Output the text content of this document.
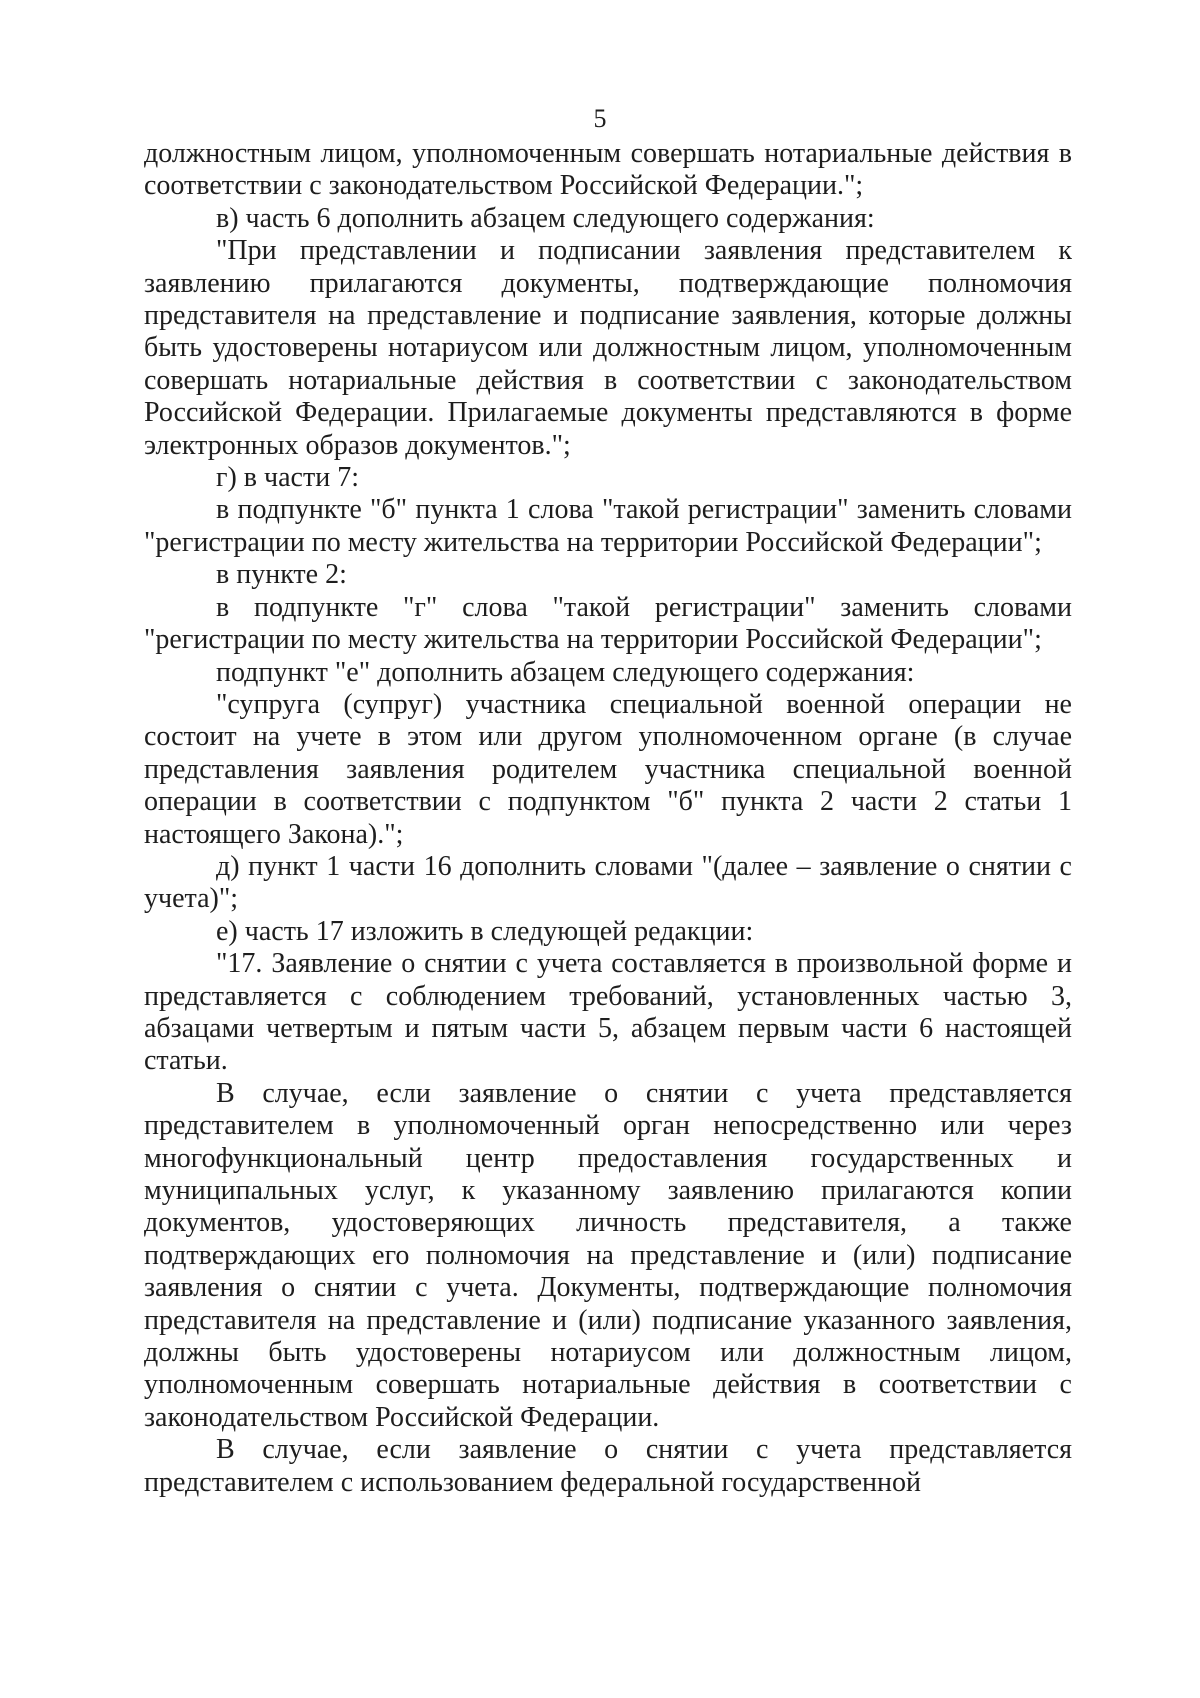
5

должностным лицом, уполномоченным совершать нотариальные действия в соответствии с законодательством Российской Федерации.";

в) часть 6 дополнить абзацем следующего содержания:

"При представлении и подписании заявления представителем к заявлению прилагаются документы, подтверждающие полномочия представителя на представление и подписание заявления, которые должны быть удостоверены нотариусом или должностным лицом, уполномоченным совершать нотариальные действия в соответствии с законодательством Российской Федерации. Прилагаемые документы представляются в форме электронных образов документов.";

г) в части 7:

в подпункте "б" пункта 1 слова "такой регистрации" заменить словами "регистрации по месту жительства на территории Российской Федерации";

в пункте 2:

в подпункте "г" слова "такой регистрации" заменить словами "регистрации по месту жительства на территории Российской Федерации";

подпункт "е" дополнить абзацем следующего содержания:

"супруга (супруг) участника специальной военной операции не состоит на учете в этом или другом уполномоченном органе (в случае представления заявления родителем участника специальной военной операции в соответствии с подпунктом "б" пункта 2 части 2 статьи 1 настоящего Закона).";

д) пункт 1 части 16 дополнить словами "(далее – заявление о снятии с учета)";

е) часть 17 изложить в следующей редакции:

"17. Заявление о снятии с учета составляется в произвольной форме и представляется с соблюдением требований, установленных частью 3, абзацами четвертым и пятым части 5, абзацем первым части 6 настоящей статьи.

В случае, если заявление о снятии с учета представляется представителем в уполномоченный орган непосредственно или через многофункциональный центр предоставления государственных и муниципальных услуг, к указанному заявлению прилагаются копии документов, удостоверяющих личность представителя, а также подтверждающих его полномочия на представление и (или) подписание заявления о снятии с учета. Документы, подтверждающие полномочия представителя на представление и (или) подписание указанного заявления, должны быть удостоверены нотариусом или должностным лицом, уполномоченным совершать нотариальные действия в соответствии с законодательством Российской Федерации.

В случае, если заявление о снятии с учета представляется представителем с использованием федеральной государственной
